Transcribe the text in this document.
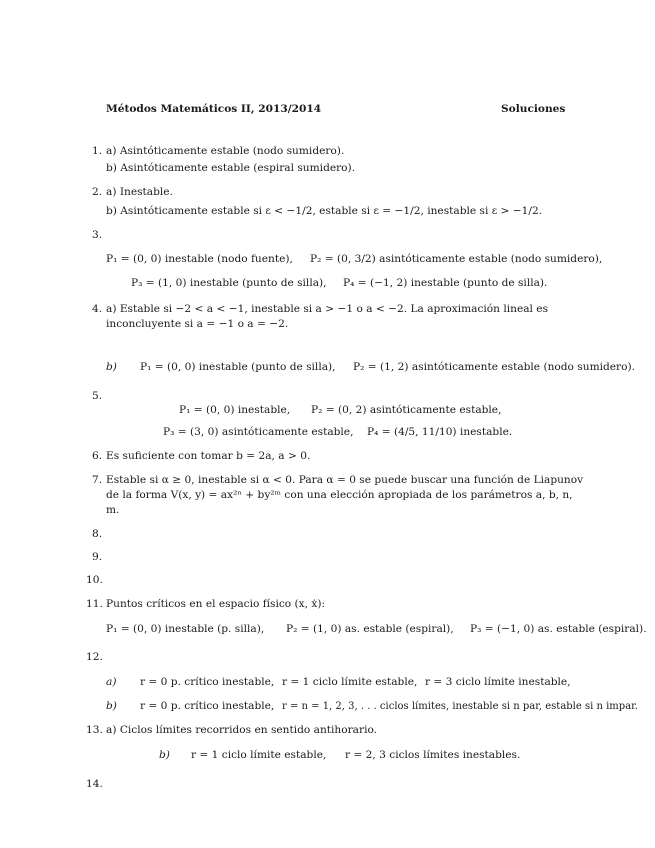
Métodos Matemáticos II, 2013/2014	Soluciones
1. a) Asintóticamente estable (nodo sumidero).
b) Asintóticamente estable (espiral sumidero).
2. a) Inestable.
b) Asintóticamente estable si ε < −1/2, estable si ε = −1/2, inestable si ε > −1/2.
3.
P₁ = (0, 0) inestable (nodo fuente), P₂ = (0, 3/2) asintóticamente estable (nodo sumidero),
P₃ = (1, 0) inestable (punto de silla), P₄ = (−1, 2) inestable (punto de silla).
4. a) Estable si −2 < a < −1, inestable si a > −1 o a < −2. La aproximación lineal es
inconcluyente si a = −1 o a = −2.
b) P₁ = (0, 0) inestable (punto de silla), P₂ = (1, 2) asintóticamente estable (nodo sumidero).
5.
P₁ = (0, 0) inestable, P₂ = (0, 2) asintóticamente estable,
P₃ = (3, 0) asintóticamente estable, P₄ = (4/5, 11/10) inestable.
6. Es suficiente con tomar b = 2a, a > 0.
7. Estable si α ≥ 0, inestable si α < 0. Para α = 0 se puede buscar una función de Liapunov
de la forma V(x, y) = ax²ⁿ + by²ᵐ con una elección apropiada de los parámetros a, b, n,
m.
8.
9.
10.
11. Puntos críticos en el espacio físico (x, ẋ):
P₁ = (0, 0) inestable (p. silla), P₂ = (1, 0) as. estable (espiral), P₃ = (−1, 0) as. estable (espiral).
12.
a) r = 0 p. crítico inestable, r = 1 ciclo límite estable, r = 3 ciclo límite inestable,
b) r = 0 p. crítico inestable, r = n = 1, 2, 3, . . . ciclos límites, inestable si n par, estable si n impar.
13. a) Ciclos límites recorridos en sentido antihorario.
b) r = 1 ciclo límite estable, r = 2, 3 ciclos límites inestables.
14.
